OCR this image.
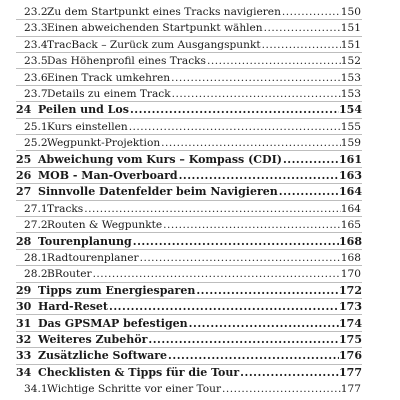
23.2 Zu dem Startpunkt eines Tracks navigieren .....	150
23.3 Einen abweichenden Startpunkt wählen .....	151
23.4 TracBack – Zurück zum Ausgangspunkt .....	151
23.5 Das Höhenprofil eines Tracks .....	152
23.6 Einen Track umkehren .....	153
23.7 Details zu einem Track .....	153
24 Peilen und Los .....	154
25.1 Kurs einstellen .....	155
25.2 Wegpunkt-Projektion .....	159
25 Abweichung vom Kurs – Kompass (CDI) .....	161
26 MOB - Man-Overboard .....	163
27 Sinnvolle Datenfelder beim Navigieren .....	164
27.1 Tracks .....	164
27.2 Routen & Wegpunkte .....	165
28 Tourenplanung .....	168
28.1 Radtourenplaner .....	168
28.2 BRouter .....	170
29 Tipps zum Energiesparen .....	172
30 Hard-Reset .....	173
31 Das GPSMAP befestigen .....	174
32 Weiteres Zubehör .....	175
33 Zusätzliche Software .....	176
34 Checklisten & Tipps für die Tour .....	177
34.1 Wichtige Schritte vor einer Tour .....	177
